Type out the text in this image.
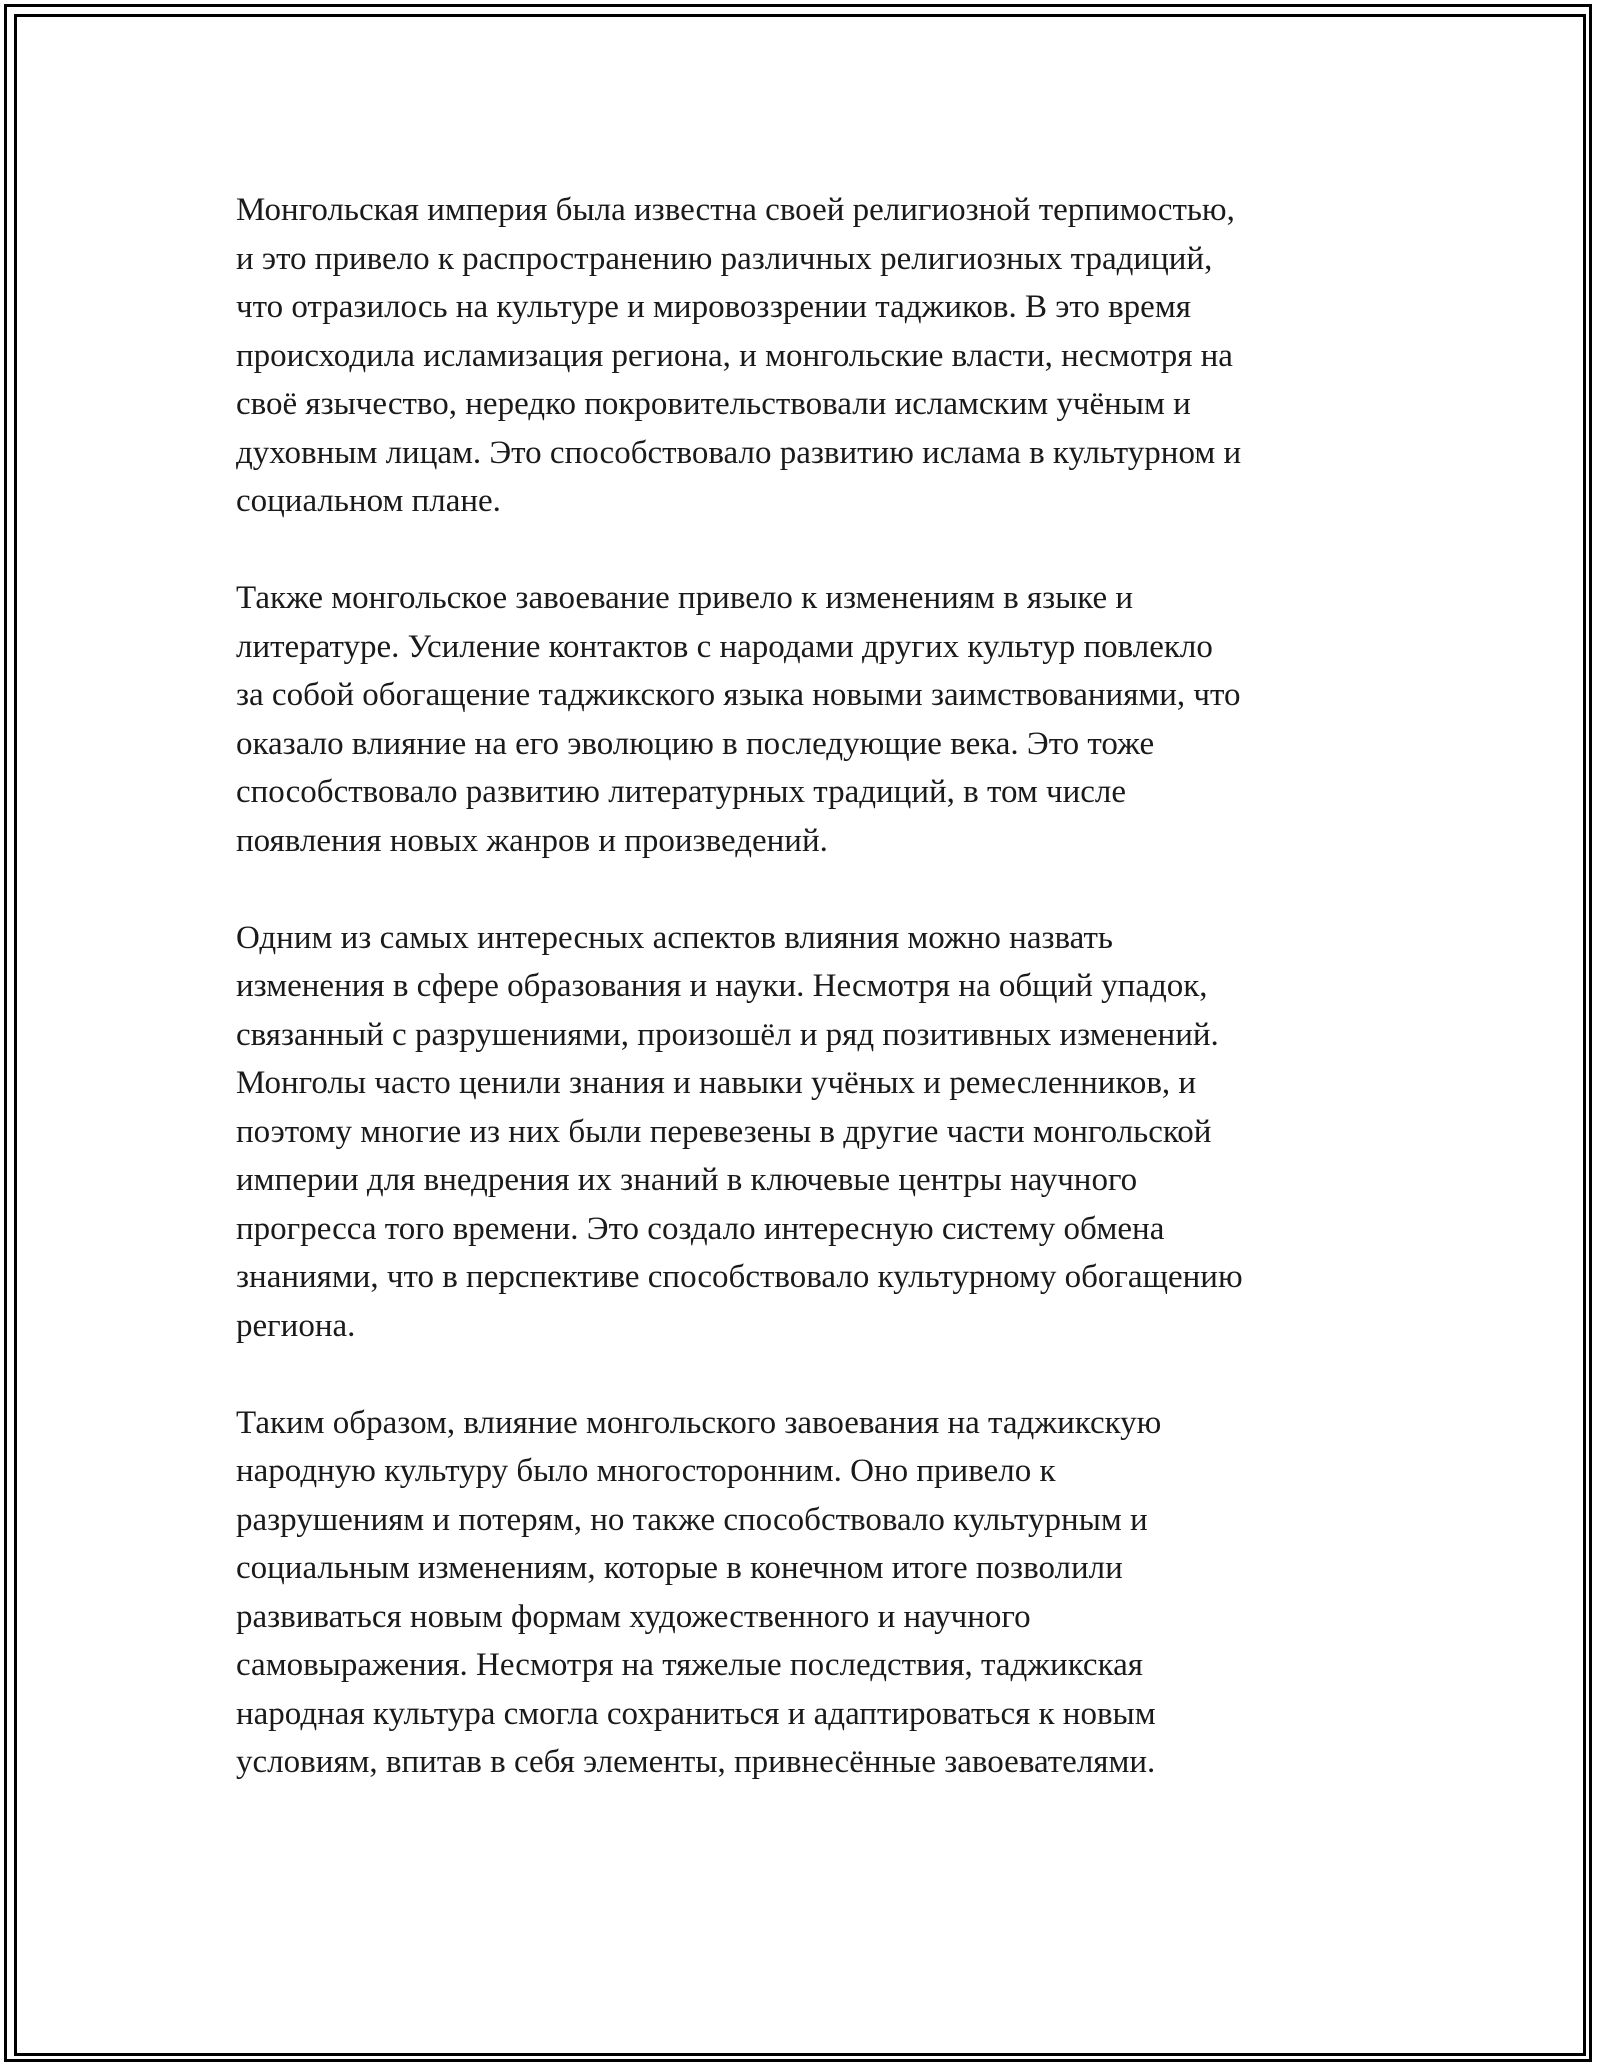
Монгольская империя была известна своей религиозной терпимостью,
и это привело к распространению различных религиозных традиций,
что отразилось на культуре и мировоззрении таджиков. В это время
происходила исламизация региона, и монгольские власти, несмотря на
своё язычество, нередко покровительствовали исламским учёным и
духовным лицам. Это способствовало развитию ислама в культурном и
социальном плане.

Также монгольское завоевание привело к изменениям в языке и
литературе. Усиление контактов с народами других культур повлекло
за собой обогащение таджикского языка новыми заимствованиями, что
оказало влияние на его эволюцию в последующие века. Это тоже
способствовало развитию литературных традиций, в том числе
появления новых жанров и произведений.

Одним из самых интересных аспектов влияния можно назвать
изменения в сфере образования и науки. Несмотря на общий упадок,
связанный с разрушениями, произошёл и ряд позитивных изменений.
Монголы часто ценили знания и навыки учёных и ремесленников, и
поэтому многие из них были перевезены в другие части монгольской
империи для внедрения их знаний в ключевые центры научного
прогресса того времени. Это создало интересную систему обмена
знаниями, что в перспективе способствовало культурному обогащению
региона.

Таким образом, влияние монгольского завоевания на таджикскую
народную культуру было многосторонним. Оно привело к
разрушениям и потерям, но также способствовало культурным и
социальным изменениям, которые в конечном итоге позволили
развиваться новым формам художественного и научного
самовыражения. Несмотря на тяжелые последствия, таджикская
народная культура смогла сохраниться и адаптироваться к новым
условиям, впитав в себя элементы, привнесённые завоевателями.
